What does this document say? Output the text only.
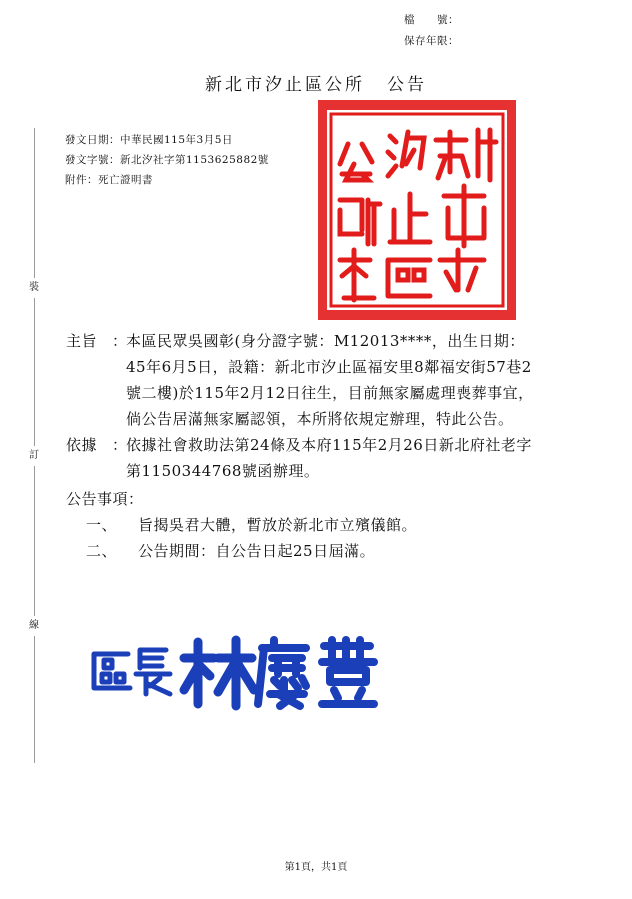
檔　　號：
保存年限：
新北市汐止區公所 公告
發文日期：中華民國115年3月5日
發文字號：新北汐社字第1153625882號
附件：死亡證明書
裝
訂
線
主旨 ：
本區民眾吳國彰(身分證字號：M12013****，出生日期：
45年6月5日，設籍：新北市汐止區福安里8鄰福安街57巷2
號二樓)於115年2月12日往生，目前無家屬處理喪葬事宜，
倘公告居滿無家屬認領，本所將依規定辦理，特此公告。
依據 ：
依據社會救助法第24條及本府115年2月26日新北府社老字
第1150344768號函辦理。
公告事項：
一、 旨揭吳君大體，暫放於新北市立殯儀館。
二、 公告期間：自公告日起25日屆滿。
第1頁，共1頁
